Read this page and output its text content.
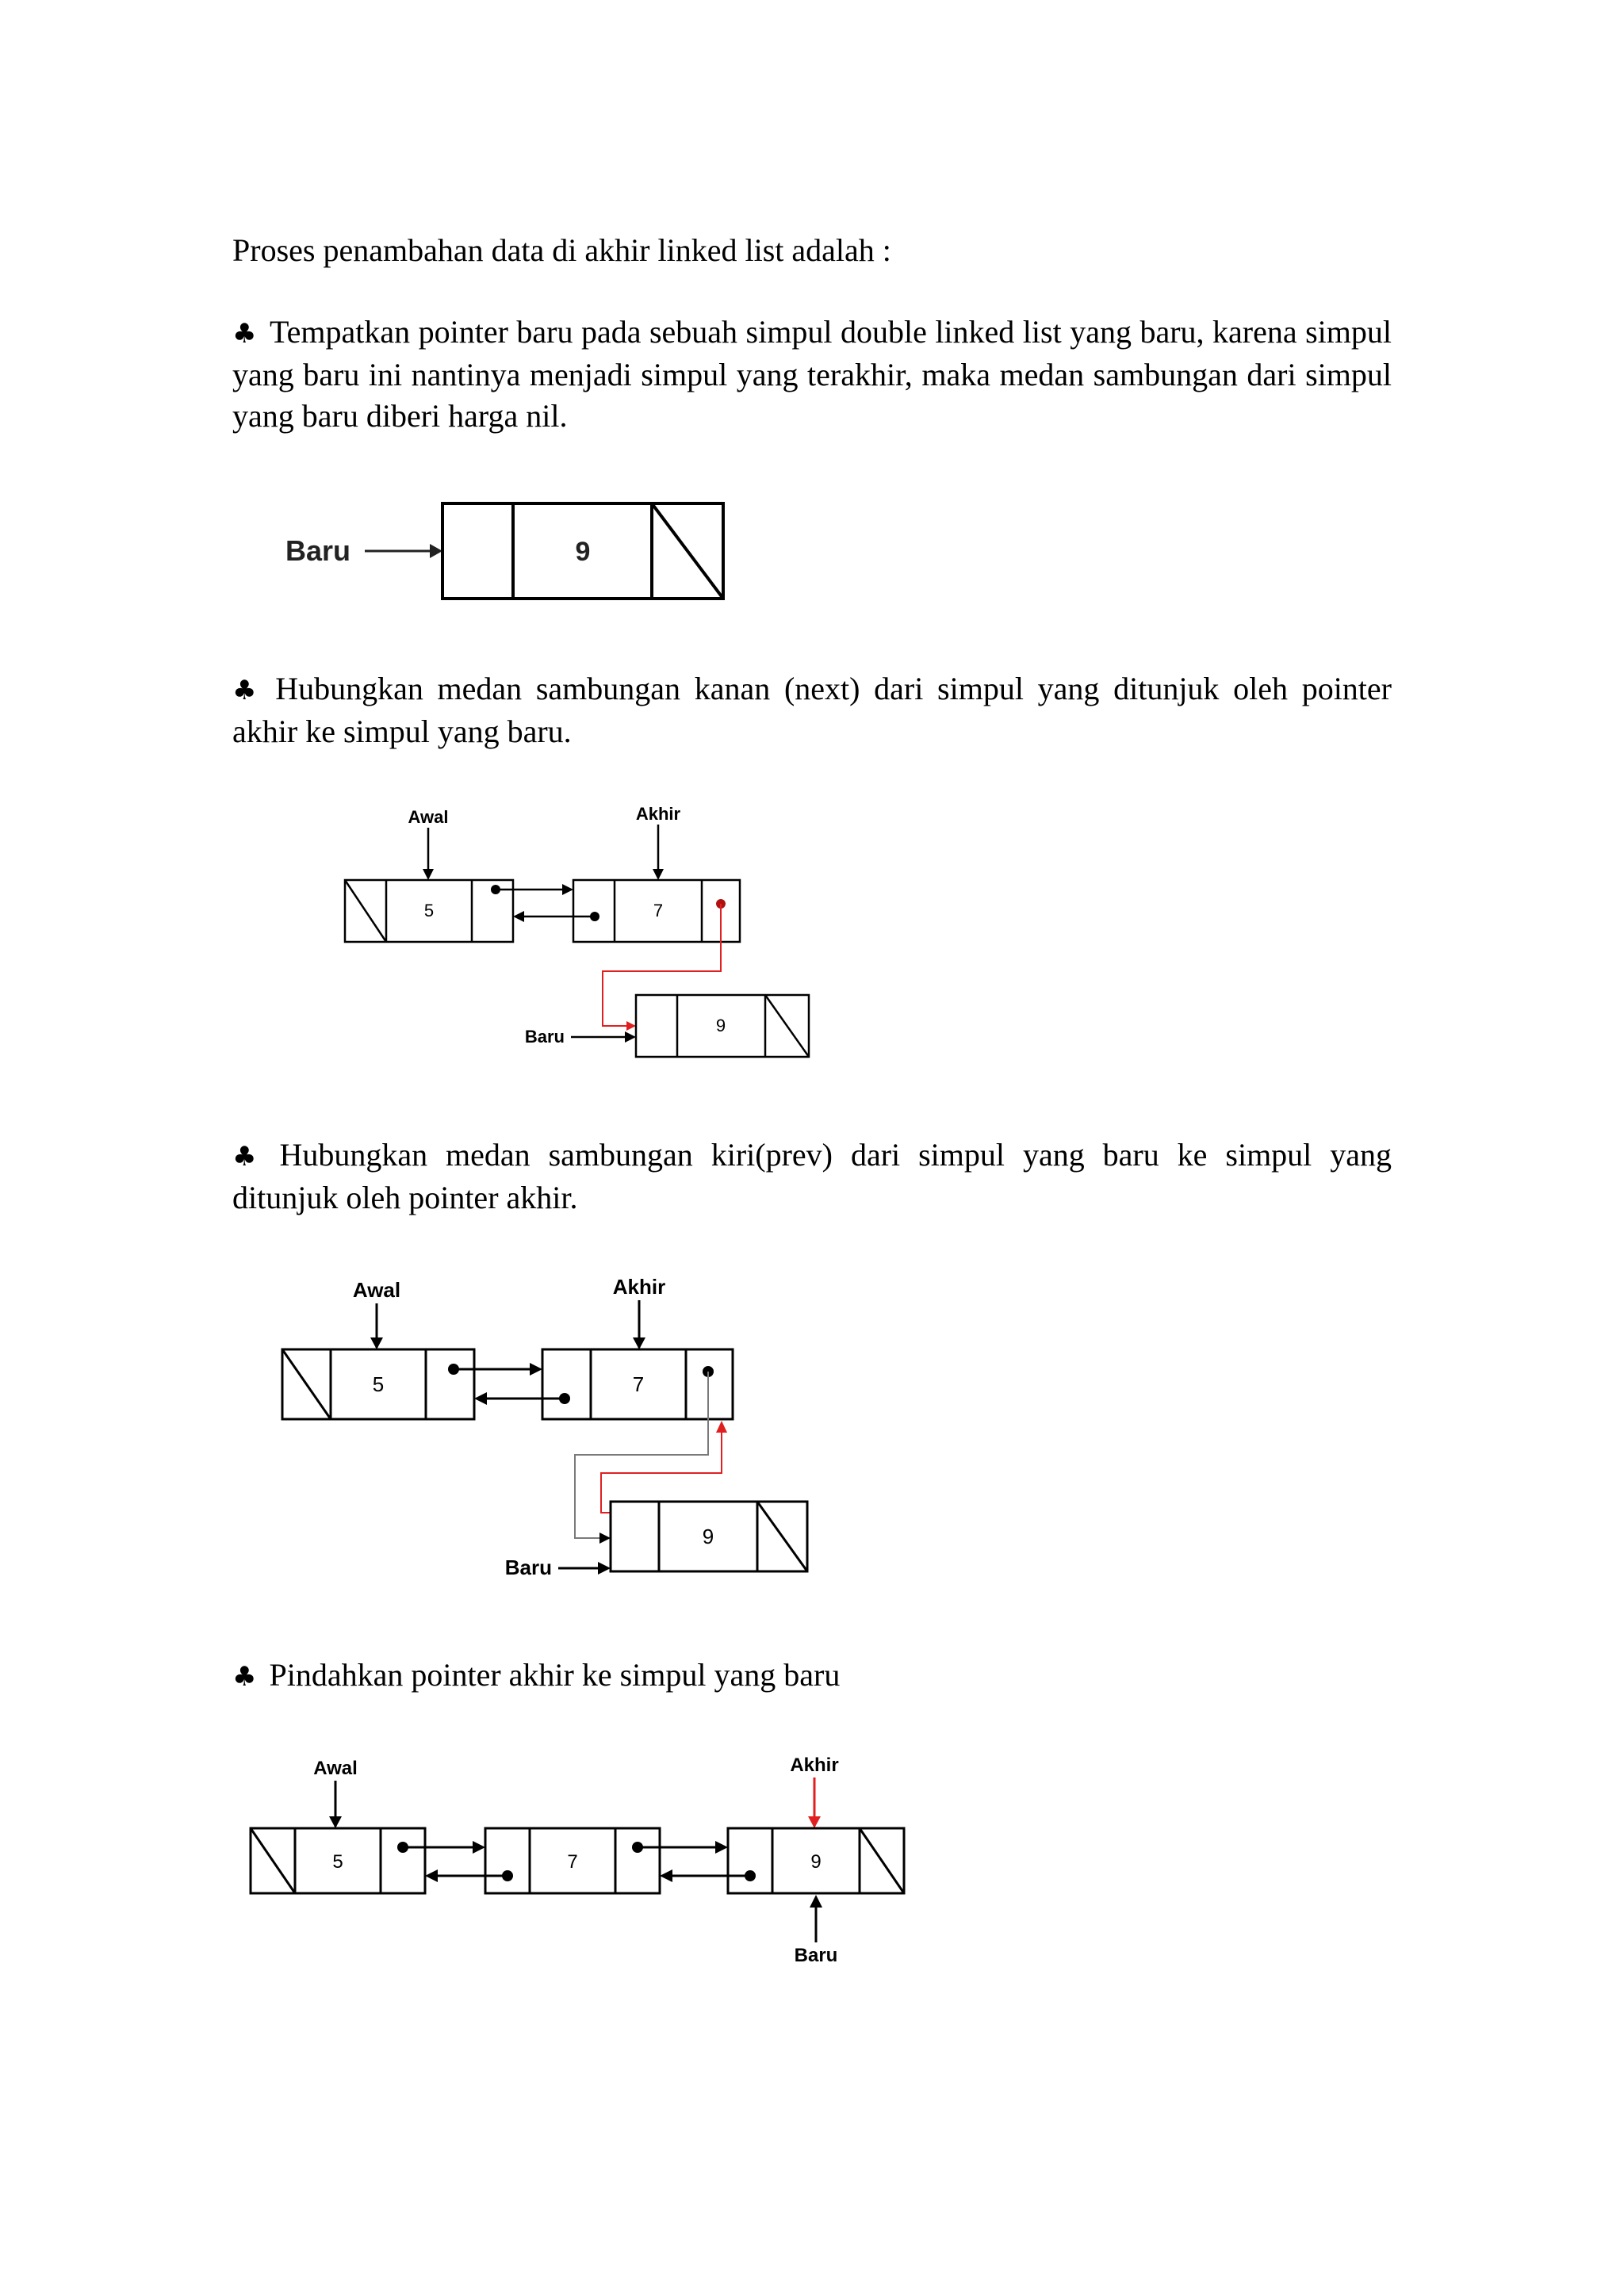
Proses penambahan data di akhir linked list adalah :

♣ Tempatkan pointer baru pada sebuah simpul double linked list yang baru, karena simpul yang baru ini nantinya menjadi simpul yang terakhir, maka medan sambungan dari simpul yang baru diberi harga nil.

Baru	9

♣ Hubungkan medan sambungan kanan (next) dari simpul yang ditunjuk oleh pointer akhir ke simpul yang baru.

Awal	Akhir
5	7
9
Baru

♣ Hubungkan medan sambungan kiri(prev) dari simpul yang baru ke simpul yang ditunjuk oleh pointer akhir.

Awal	Akhir
5	7
9
Baru

♣ Pindahkan pointer akhir ke simpul yang baru

Awal	Akhir
5	7	9
Baru
